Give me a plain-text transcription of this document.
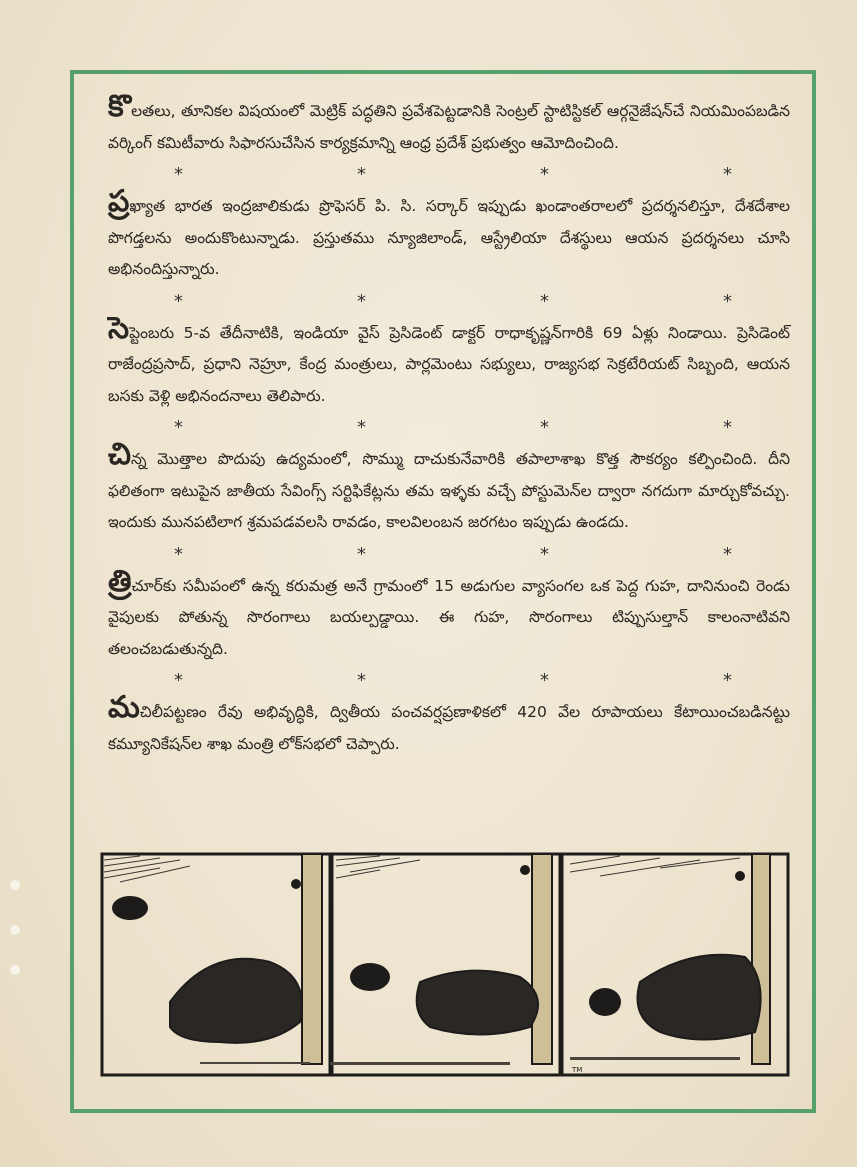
కొలతలు, తూనికల విషయంలో మెట్రిక్ పద్ధతిని ప్రవేశపెట్టడానికి సెంట్రల్ స్టాటిస్టికల్ ఆర్గనైజేషన్‌చే నియమింపబడిన వర్కింగ్ కమిటీవారు సిఫారసుచేసిన కార్యక్రమాన్ని ఆంధ్ర ప్రదేశ్ ప్రభుత్వం ఆమోదించింది.
*	*	*	*
ప్రఖ్యాత భారత ఇంద్రజాలికుడు ప్రొఫెసర్ పి. సి. సర్కార్ ఇప్పుడు ఖండాంతరాలలో ప్రదర్శనలిస్తూ, దేశదేశాల పొగడ్తలను అందుకొంటున్నాడు. ప్రస్తుతము న్యూజిలాండ్, ఆస్ట్రేలియా దేశస్థులు ఆయన ప్రదర్శనలు చూసి అభినందిస్తున్నారు.
*	*	*	*
సెప్టెంబరు 5-వ తేదీనాటికి, ఇండియా వైస్ ప్రెసిడెంట్ డాక్టర్ రాధాకృష్ణన్‌గారికి 69 ఏళ్లు నిండాయి. ప్రెసిడెంట్ రాజేంద్రప్రసాద్, ప్రధాని నెహ్రూ, కేంద్ర మంత్రులు, పార్లమెంటు సభ్యులు, రాజ్యసభ సెక్రటేరియట్ సిబ్బంది, ఆయన బసకు వెళ్లి అభినందనాలు తెలిపారు.
*	*	*	*
చిన్న మొత్తాల పొదుపు ఉద్యమంలో, సొమ్ము దాచుకునేవారికి తపాలాశాఖ కొత్త సౌకర్యం కల్పించింది. దీని ఫలితంగా ఇటుపైన జాతీయ సేవింగ్స్ సర్టిఫికేట్లను తమ ఇళ్ళకు వచ్చే పోస్టుమెన్‌ల ద్వారా నగదుగా మార్చుకోవచ్చు. ఇందుకు మునపటిలాగ శ్రమపడవలసి రావడం, కాలవిలంబన జరగటం ఇప్పుడు ఉండదు.
*	*	*	*
త్రిచూర్‌కు సమీపంలో ఉన్న కరుమత్ర అనే గ్రామంలో 15 అడుగుల వ్యాసంగల ఒక పెద్ద గుహ, దానినుంచి రెండు వైపులకు పోతున్న సొరంగాలు బయల్పడ్డాయి. ఈ గుహ, సొరంగాలు టిప్పుసుల్తాన్ కాలంనాటివని తలంచబడుతున్నది.
*	*	*	*
మచిలీపట్టణం రేవు అభివృద్ధికి, ద్వితీయ పంచవర్షప్రణాళికలో 420 వేల రూపాయలు కేటాయించబడినట్టు కమ్యూనికేషన్‌ల శాఖ మంత్రి లోక్‌సభలో చెప్పారు.
TM
